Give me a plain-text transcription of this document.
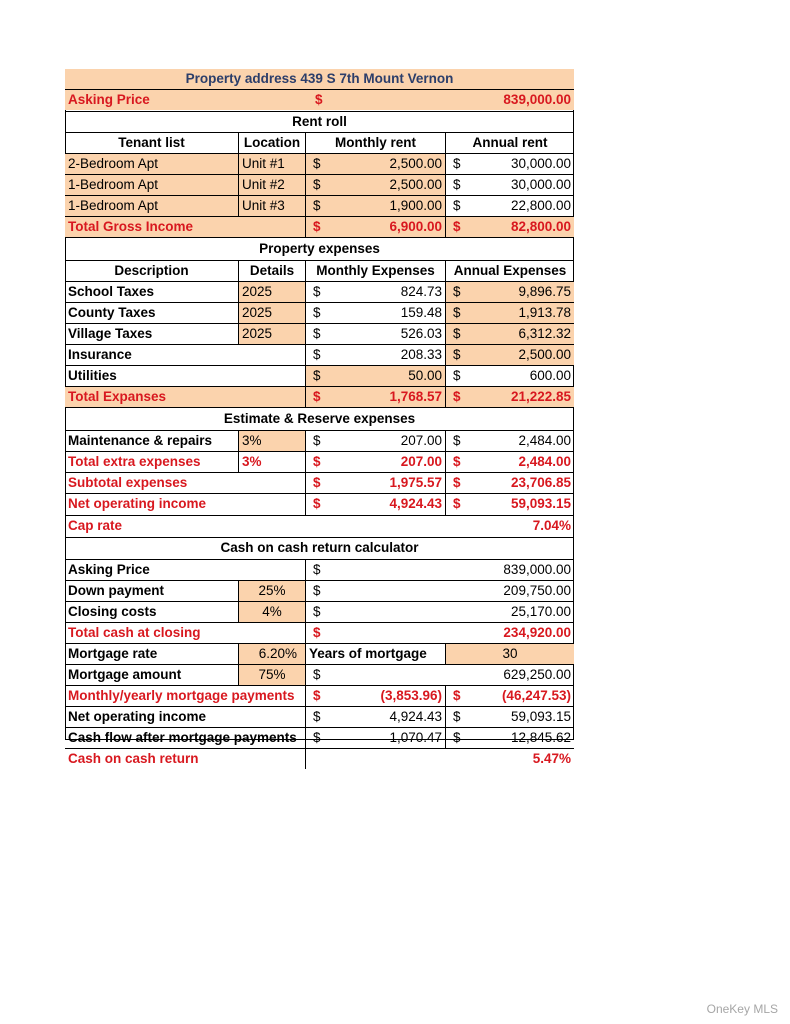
Property address 439 S 7th Mount Vernon
Asking Price	$	839,000.00
Rent roll
Tenant list	Location	Monthly rent	Annual rent
2-Bedroom Apt	Unit #1	$	2,500.00 $	30,000.00
1-Bedroom Apt	Unit #2	$	2,500.00 $	30,000.00
1-Bedroom Apt	Unit #3	$	1,900.00 $	22,800.00
Total Gross Income	$	6,900.00 $	82,800.00
Property expenses
Description	Details	Monthly Expenses	Annual Expenses
School Taxes	2025	$	824.73 $	9,896.75
County Taxes	2025	$	159.48 $	1,913.78
Village Taxes	2025	$	526.03 $	6,312.32
Insurance	$	208.33 $	2,500.00
Utilities	$	50.00 $	600.00
Total Expanses	$	1,768.57 $	21,222.85
Estimate & Reserve expenses
Maintenance & repairs	3%	$	207.00 $	2,484.00
Total extra expenses	3%	$	207.00 $	2,484.00
Subtotal expenses	$	1,975.57 $	23,706.85
Net operating income	$	4,924.43 $	59,093.15
Cap rate	7.04%
Cash on cash return calculator
Asking Price	$	839,000.00
Down payment	25%	$	209,750.00
Closing costs	4%	$	25,170.00
Total cash at closing	$	234,920.00
Mortgage rate	6.20% Years of mortgage	30
Mortgage amount	75%	$	629,250.00
Monthly/yearly mortgage payments	$	(3,853.96) $	(46,247.53)
Net operating income	$	4,924.43 $	59,093.15
Cash flow after mortgage payments	$	1,070.47 $	12,845.62
Cash on cash return	5.47%
OneKey MLS
